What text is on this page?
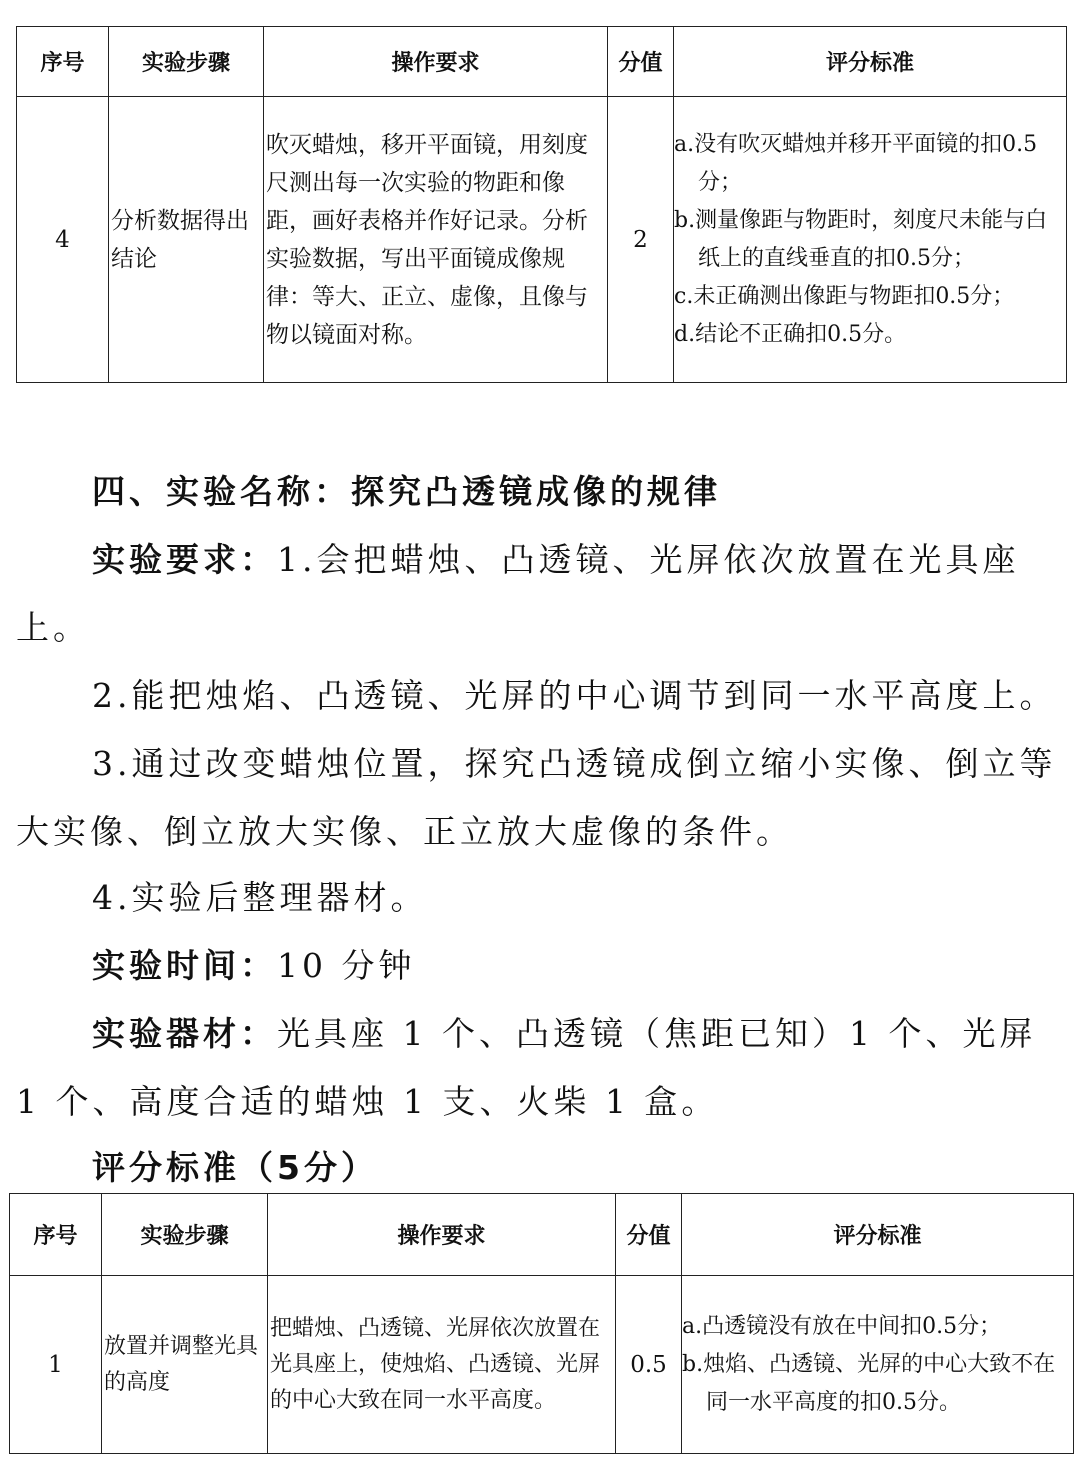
序号	实验步骤	操作要求	分值	评分标准
4	分析数据得出结论	吹灭蜡烛，移开平面镜，用刻度尺测出每一次实验的物距和像距，画好表格并作好记录。分析实验数据，写出平面镜成像规律：等大、正立、虚像，且像与物以镜面对称。	2	a.没有吹灭蜡烛并移开平面镜的扣0.5分；
b.测量像距与物距时，刻度尺未能与白纸上的直线垂直的扣0.5分；
c.未正确测出像距与物距扣0.5分；
d.结论不正确扣0.5分。

四、实验名称：探究凸透镜成像的规律

实验要求：1.会把蜡烛、凸透镜、光屏依次放置在光具座上。

2.能把烛焰、凸透镜、光屏的中心调节到同一水平高度上。

3.通过改变蜡烛位置，探究凸透镜成倒立缩小实像、倒立等大实像、倒立放大实像、正立放大虚像的条件。

4.实验后整理器材。

实验时间：10 分钟

实验器材：光具座 1 个、凸透镜（焦距已知）1 个、光屏 1 个、高度合适的蜡烛 1 支、火柴 1 盒。

评分标准（5分）

序号	实验步骤	操作要求	分值	评分标准
1	放置并调整光具的高度	把蜡烛、凸透镜、光屏依次放置在光具座上，使烛焰、凸透镜、光屏的中心大致在同一水平高度。	0.5	a.凸透镜没有放在中间扣0.5分；
b.烛焰、凸透镜、光屏的中心大致不在同一水平高度的扣0.5分。
